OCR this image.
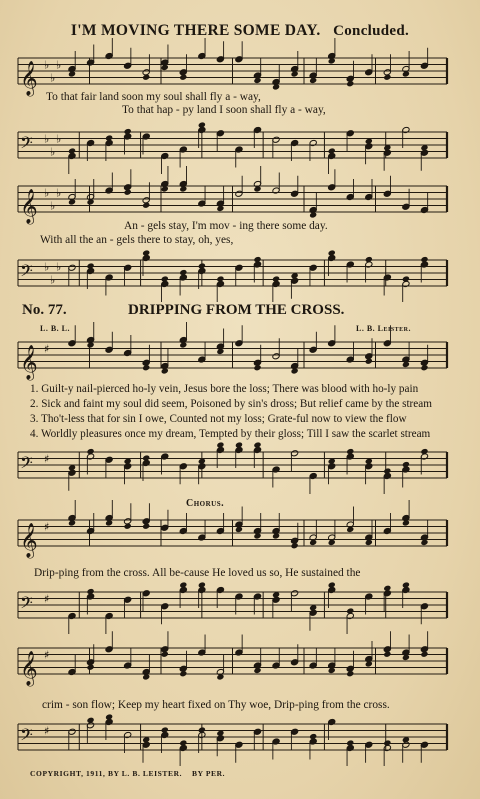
I'M MOVING THERE SOME DAY. Concluded.
𝄞 ♭
♭
♭
To that fair land soon my soul shall fly a - way,
To that hap - py land I soon shall fly a - way,
𝄢 ♭
♭
♭
𝄞 ♭
♭
♭
An - gels stay, I'm mov - ing there some day.
With all the an - gels there to stay, oh, yes,
𝄢 ♭
♭
♭
No. 77.	DRIPPING FROM THE CROSS.
L. B. L.	L. B. Leister.
𝄞 ♯
1. Guilt-y nail-pierced ho-ly vein, Jesus bore the loss; There was blood with ho-ly pain
2. Sick and faint my soul did seem, Poisoned by sin's dross; But relief came by the stream
3. Tho't-less that for sin I owe, Counted not my loss; Grate-ful now to view the flow
4. Worldly pleasures once my dream, Tempted by their gloss; Till I saw the scarlet stream
𝄢 ♯
Chorus.
𝄞 ♯
Drip-ping from the cross. All be-cause He loved us so, He sustained the
𝄢 ♯
𝄞 ♯
crim - son flow; Keep my heart fixed on Thy woe, Drip-ping from the cross.
𝄢 ♯
COPYRIGHT, 1911, BY L. B. LEISTER. BY PER.
